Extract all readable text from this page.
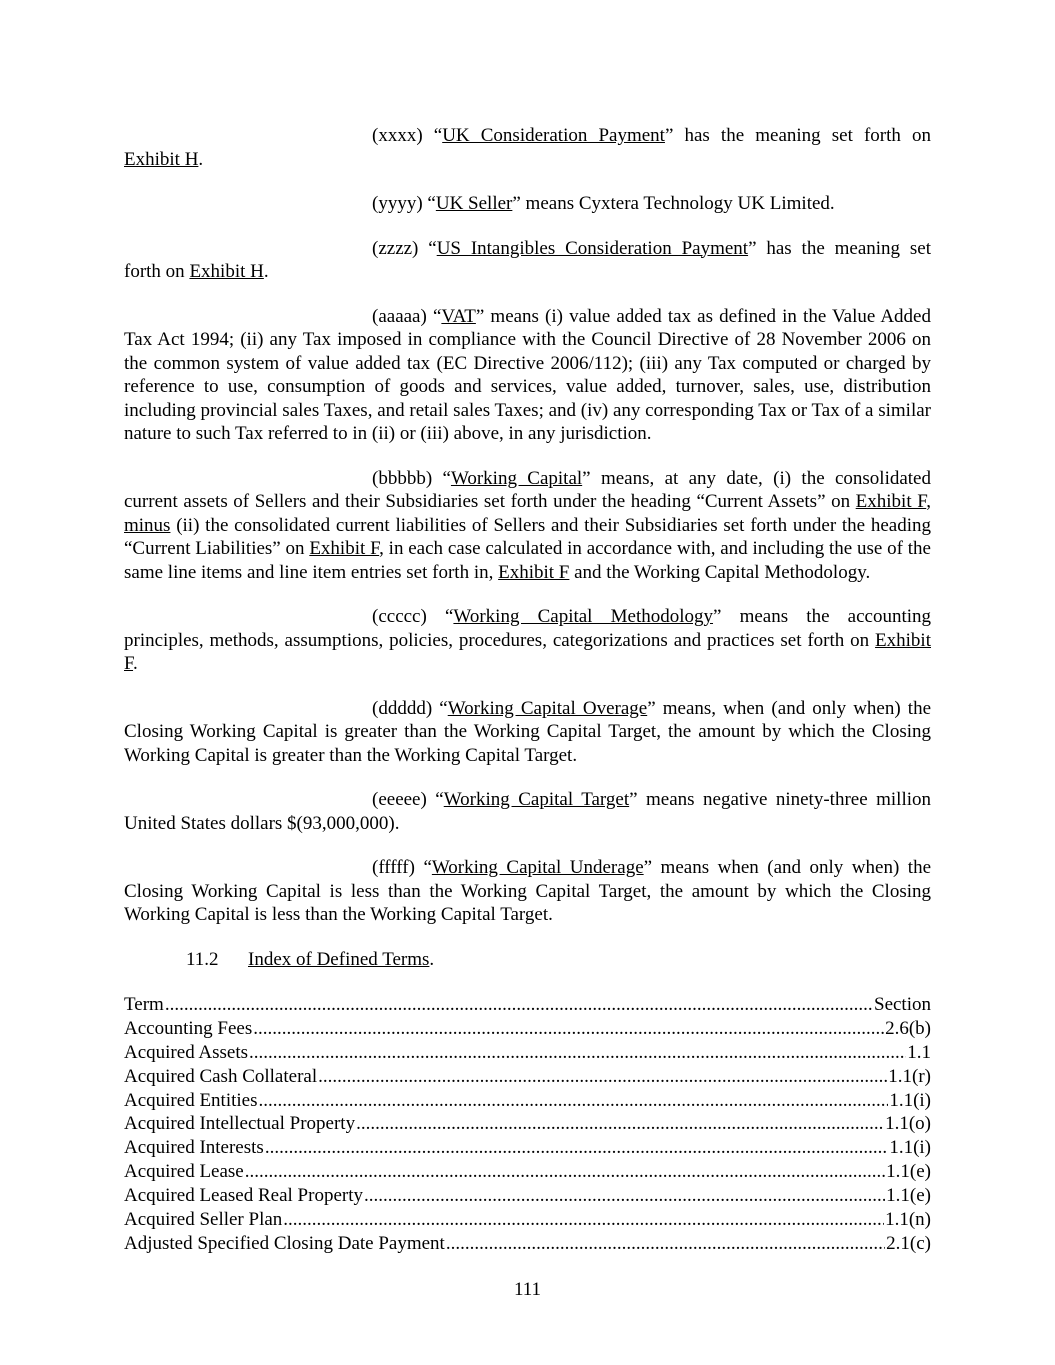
(xxxx) “UK Consideration Payment” has the meaning set forth on Exhibit H.

(yyyy) “UK Seller” means Cyxtera Technology UK Limited.

(zzzz) “US Intangibles Consideration Payment” has the meaning set forth on Exhibit H.

(aaaaa) “VAT” means (i) value added tax as defined in the Value Added Tax Act 1994; (ii) any Tax imposed in compliance with the Council Directive of 28 November 2006 on the common system of value added tax (EC Directive 2006/112); (iii) any Tax computed or charged by reference to use, consumption of goods and services, value added, turnover, sales, use, distribution including provincial sales Taxes, and retail sales Taxes; and (iv) any corresponding Tax or Tax of a similar nature to such Tax referred to in (ii) or (iii) above, in any jurisdiction.

(bbbbb) “Working Capital” means, at any date, (i) the consolidated current assets of Sellers and their Subsidiaries set forth under the heading “Current Assets” on Exhibit F, minus (ii) the consolidated current liabilities of Sellers and their Subsidiaries set forth under the heading “Current Liabilities” on Exhibit F, in each case calculated in accordance with, and including the use of the same line items and line item entries set forth in, Exhibit F and the Working Capital Methodology.

(ccccc) “Working Capital Methodology” means the accounting principles, methods, assumptions, policies, procedures, categorizations and practices set forth on Exhibit F.

(ddddd) “Working Capital Overage” means, when (and only when) the Closing Working Capital is greater than the Working Capital Target, the amount by which the Closing Working Capital is greater than the Working Capital Target.

(eeeee) “Working Capital Target” means negative ninety-three million United States dollars $(93,000,000).

(fffff) “Working Capital Underage” means when (and only when) the Closing Working Capital is less than the Working Capital Target, the amount by which the Closing Working Capital is less than the Working Capital Target.

11.2 Index of Defined Terms.
Term .....	Section
Accounting Fees .....	2.6(b)
Acquired Assets .....	1.1
Acquired Cash Collateral .....	1.1(r)
Acquired Entities .....	1.1(i)
Acquired Intellectual Property .....	1.1(o)
Acquired Interests .....	1.1(i)
Acquired Lease .....	1.1(e)
Acquired Leased Real Property .....	1.1(e)
Acquired Seller Plan .....	1.1(n)
Adjusted Specified Closing Date Payment .....	2.1(c)
111
